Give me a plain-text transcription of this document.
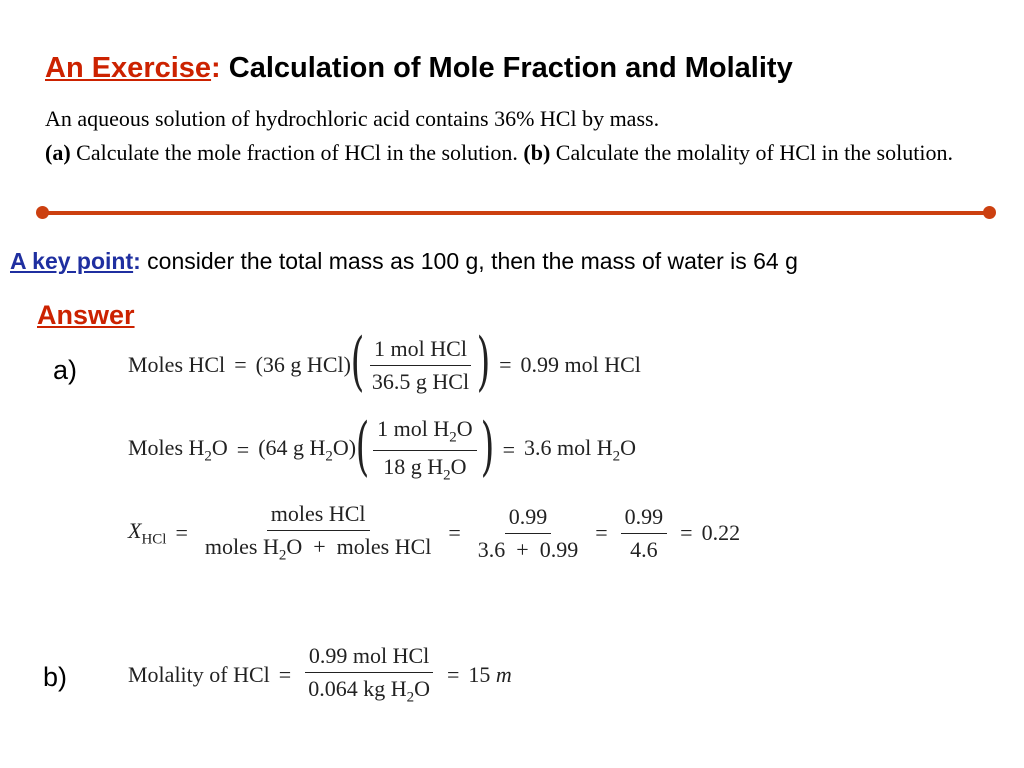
An Exercise: Calculation of Mole Fraction and Molality
An aqueous solution of hydrochloric acid contains 36% HCl by mass.
(a) Calculate the mole fraction of HCl in the solution. (b) Calculate the molality of HCl in the solution.
A key point: consider the total mass as 100 g, then the mass of water is 64 g
Answer
a) Moles HCl = (36 g HCl) ( $\frac{\text{1 mol HCl}}{\text{36.5 g HCl}}$ ) = 0.99 mol HCl
Moles $H_2O = (64$ g $H_2O$) ( $\frac{1 mol H_2O}{18 g H_2O}$ ) = 3.6 mol $H_2O$
$X_{HCl} = \frac{\text{moles HCl}}{moles H_2O + moles HCl} = \frac{0.99}{3.6 + 0.99} = \frac{0.99}{4.6} = 0.22$
b)	Molality of HCl = $\frac{\text{0.99 mol HCl}}{0.064 kg H_2O} = 15$ m
